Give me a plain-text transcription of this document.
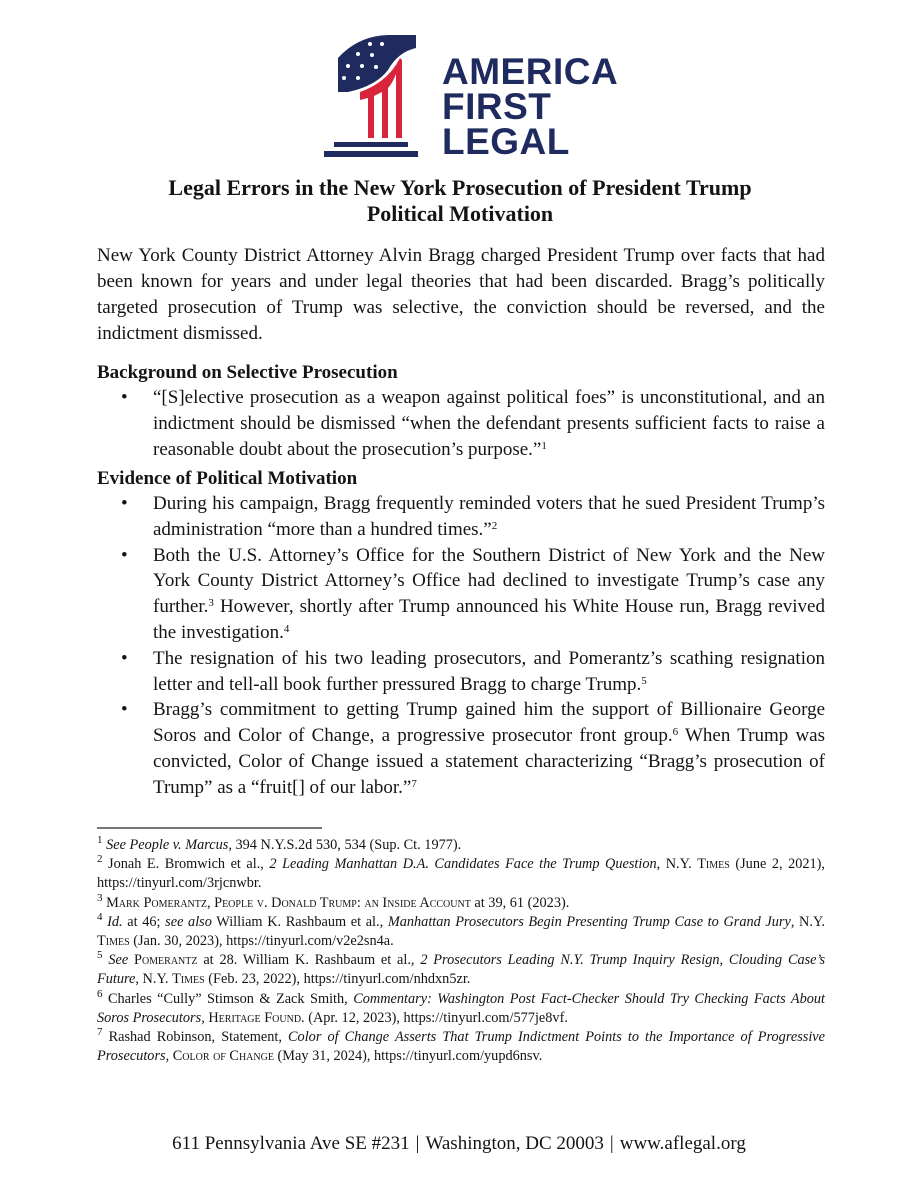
AMERICA
FIRST
LEGAL
Legal Errors in the New York Prosecution of President Trump
Political Motivation
New York County District Attorney Alvin Bragg charged President Trump over facts that had been known for years and under legal theories that had been discarded. Bragg’s politically targeted prosecution of Trump was selective, the conviction should be reversed, and the indictment dismissed.
Background on Selective Prosecution
• “[S]elective prosecution as a weapon against political foes” is unconstitutional, and an indictment should be dismissed “when the defendant presents sufficient facts to raise a reasonable doubt about the prosecution’s purpose.”$^1$
Evidence of Political Motivation
• During his campaign, Bragg frequently reminded voters that he sued President Trump’s administration “more than a hundred times.”$^2$
• Both the U.S. Attorney’s Office for the Southern District of New York and the New York County District Attorney’s Office had declined to investigate Trump’s case any further.$^3$ However, shortly after Trump announced his White House run, Bragg revived the investigation.$^4$
• The resignation of his two leading prosecutors, and Pomerantz’s scathing resignation letter and tell-all book further pressured Bragg to charge Trump.$^5$
• Bragg’s commitment to getting Trump gained him the support of Billionaire George Soros and Color of Change, a progressive prosecutor front group.$^6$ When Trump was convicted, Color of Change issued a statement characterizing “Bragg’s prosecution of Trump” as a “fruit[] of our labor.”$^7$
$^1$ See People v. Marcus, 394 N.Y.S.2d 530, 534 (Sup. Ct. 1977).
$^2$ Jonah E. Bromwich et al., 2 Leading Manhattan D.A. Candidates Face the Trump Question, N.Y. Times (June 2, 2021), https://tinyurl.com/3rjcnwbr.
$^3$ Mark Pomerantz, People v. Donald Trump: an Inside Account at 39, 61 (2023).
$^4$ Id. at 46; see also William K. Rashbaum et al., Manhattan Prosecutors Begin Presenting Trump Case to Grand Jury, N.Y. Times (Jan. 30, 2023), https://tinyurl.com/v2e2sn4a.
$^5$ See Pomerantz at 28. William K. Rashbaum et al., 2 Prosecutors Leading N.Y. Trump Inquiry Resign, Clouding Case’s Future, N.Y. Times (Feb. 23, 2022), https://tinyurl.com/nhdxn5zr.
$^6$ Charles “Cully” Stimson & Zack Smith, Commentary: Washington Post Fact-Checker Should Try Checking Facts About Soros Prosecutors, Heritage Found. (Apr. 12, 2023), https://tinyurl.com/577je8vf.
$^7$ Rashad Robinson, Statement, Color of Change Asserts That Trump Indictment Points to the Importance of Progressive Prosecutors, Color of Change (May 31, 2024), https://tinyurl.com/yupd6nsv.
611 Pennsylvania Ave SE #231 | Washington, DC 20003 | www.aflegal.org
